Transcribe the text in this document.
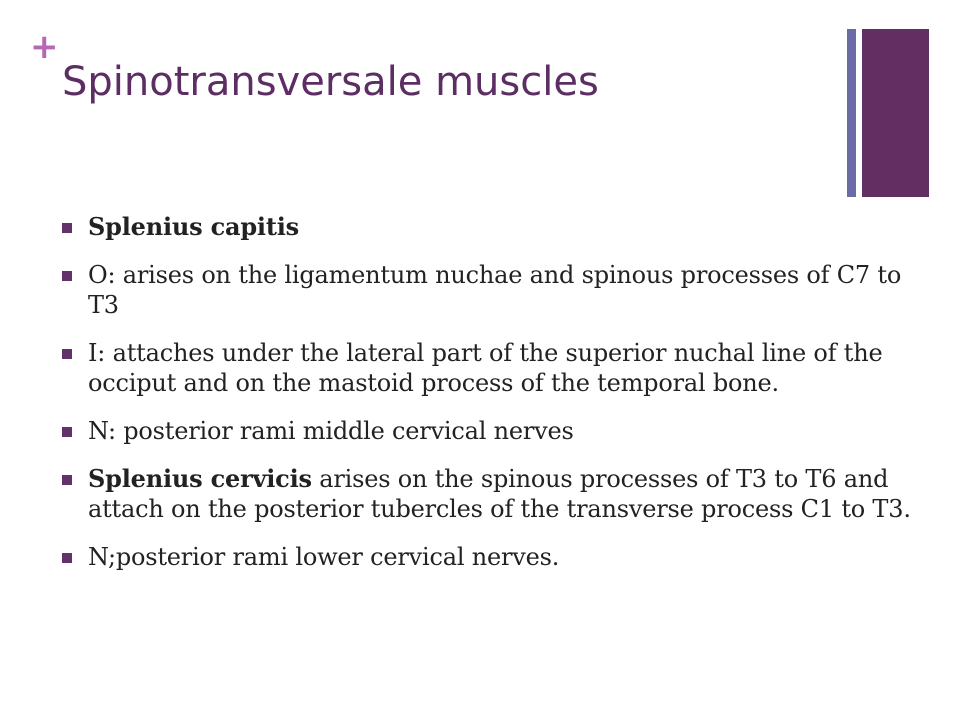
+
Spinotransversale muscles
Splenius capitis
O: arises on the ligamentum nuchae and spinous processes of C7 to T3
I: attaches under the lateral part of the superior nuchal line of the occiput and on the mastoid process of the temporal bone.
N: posterior rami middle cervical nerves
Splenius cervicis arises on the spinous processes of T3 to T6 and attach on the posterior tubercles of the transverse process C1 to T3.
N;posterior rami lower cervical nerves.
